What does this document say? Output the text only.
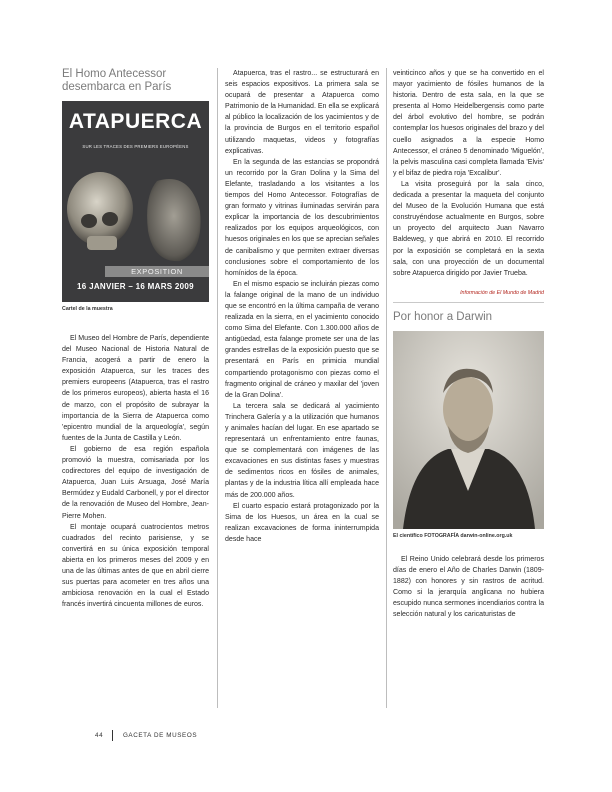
El Homo Antecessor
desembarca en París
ATAPUERCA
SUR LES TRACES DES PREMIERS EUROPÉENS
EXPOSITION
16 JANVIER – 16 MARS 2009
Cartel de la muestra

El Museo del Hombre de París, dependiente del Museo Nacional de Historia Natural de Francia, acogerá a partir de enero la exposición Atapuerca, sur les traces des premiers europeens (Atapuerca, tras el rastro de los primeros europeos), abierta hasta el 16 de marzo, con el propósito de subrayar la importancia de la Sierra de Atapuerca como 'epicentro mundial de la arqueología', según fuentes de la Junta de Castilla y León.

El gobierno de esa región española promovió la muestra, comisariada por los codirectores del equipo de investigación de Atapuerca, Juan Luis Arsuaga, José María Bermúdez y Eudald Carbonell, y por el director de la renovación de Museo del Hombre, Jean-Pierre Mohen.

El montaje ocupará cuatrocientos metros cuadrados del recinto parisiense, y se convertirá en su única exposición temporal abierta en los primeros meses del 2009 y en una de las últimas antes de que en abril cierre sus puertas para acometer en tres años una ambiciosa renovación en la cual el Estado francés invertirá cincuenta millones de euros.

Atapuerca, tras el rastro... se estructurará en seis espacios expositivos. La primera sala se ocupará de presentar a Atapuerca como Patrimonio de la Humanidad. En ella se explicará al público la localización de los yacimientos y de la provincia de Burgos en el territorio español utilizando maquetas, videos y fotografías explicativas.

En la segunda de las estancias se propondrá un recorrido por la Gran Dolina y la Sima del Elefante, trasladando a los visitantes a los tiempos del Homo Antecessor. Fotografías de gran formato y vitrinas iluminadas servirán para explicar la importancia de los descubrimientos realizados por los equipos arqueológicos, con huesos originales en los que se aprecian señales de canibalismo y que permiten extraer diversas conclusiones sobre el comportamiento de los homínidos de la época.

En el mismo espacio se incluirán piezas como la falange original de la mano de un individuo que se encontró en la última campaña de verano realizada en la sierra, en el yacimiento conocido como Sima del Elefante. Con 1.300.000 años de antigüedad, esta falange promete ser una de las grandes estrellas de la exposición puesto que se presentará en París en primicia mundial compartiendo protagonismo con piezas como el fragmento original de cráneo y maxilar del 'joven de la Gran Dolina'.

La tercera sala se dedicará al yacimiento Trinchera Galería y a la utilización que humanos y animales hacían del lugar. En ese apartado se representará un enfrentamiento entre faunas, que se complementará con imágenes de las excavaciones en sus distintas fases y muestras de sedimentos ricos en fósiles de animales, plantas y de la industria lítica allí empleada hace más de 200.000 años.

El cuarto espacio estará protagonizado por la Sima de los Huesos, un área en la cual se realizan excavaciones de forma ininterrumpida desde hace

veinticinco años y que se ha convertido en el mayor yacimiento de fósiles humanos de la historia. Dentro de esta sala, en la que se presenta al Homo Heidelbergensis como parte del árbol evolutivo del hombre, se podrán contemplar los huesos originales del brazo y del cuello asignados a la especie Homo Antecessor, el cráneo 5 denominado 'Miguelón', la pelvis masculina casi completa llamada 'Elvis' y el bifaz de piedra roja 'Excalibur'.

La visita proseguirá por la sala cinco, dedicada a presentar la maqueta del conjunto del Museo de la Evolución Humana que está construyéndose actualmente en Burgos, sobre un proyecto del arquitecto Juan Navarro Baldeweg, y que abrirá en 2010. El recorrido por la exposición se completará en la sexta sala, con una proyección de un documental sobre Atapuerca dirigido por Javier Trueba.

Información de El Mundo de Madrid
Por honor a Darwin
El científico FOTOGRAFÍA darwin-online.org.uk

El Reino Unido celebrará desde los primeros días de enero el Año de Charles Darwin (1809-1882) con honores y sin rastros de acritud. Como si la jerarquía anglicana no hubiera escupido nunca sermones incendiarios contra la selección natural y los caricaturistas de

44	GACETA DE MUSEOS
